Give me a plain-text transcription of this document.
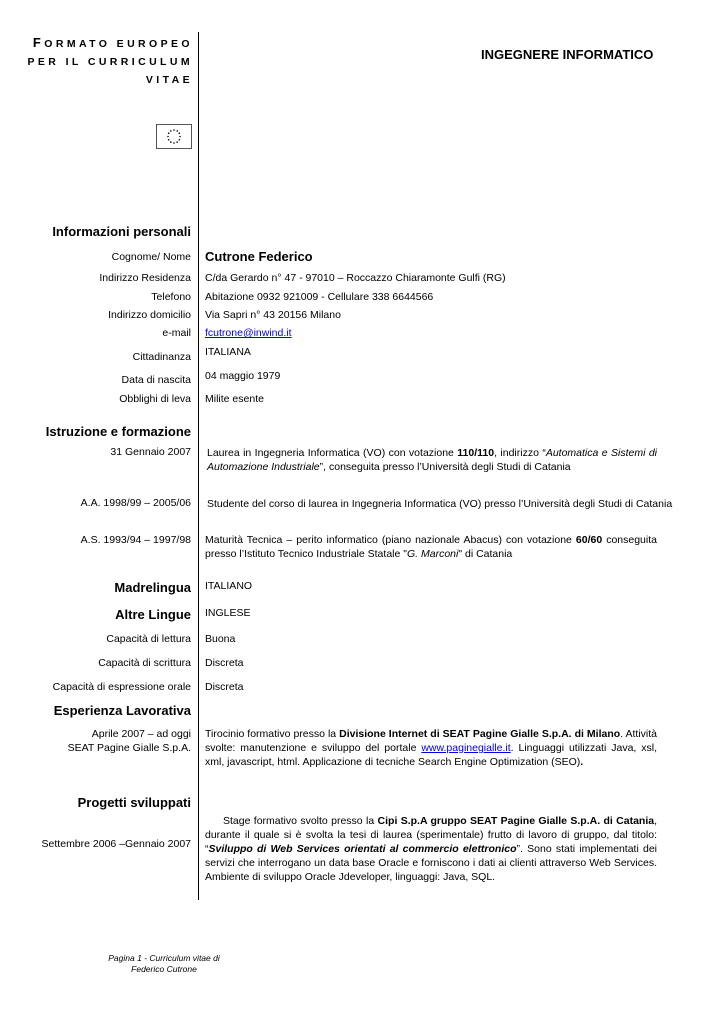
FORMATO EUROPEO
PER IL CURRICULUM
VITAE
INGEGNERE INFORMATICO
Informazioni personali
Cognome/ Nome Cutrone Federico
Indirizzo Residenza C/da Gerardo n° 47 - 97010 – Roccazzo Chiaramonte Gulfi (RG)
Telefono Abitazione 0932 921009 - Cellulare 338 6644566
Indirizzo domicilio Via Sapri n° 43 20156 Milano
e-mail fcutrone@inwind.it
Cittadinanza ITALIANA
Data di nascita 04 maggio 1979
Obblighi di leva Milite esente
Istruzione e formazione
31 Gennaio 2007 Laurea in Ingegneria Informatica (VO) con votazione 110/110, indirizzo “Automatica e Sistemi di Automazione Industriale”, conseguita presso l’Università degli Studi di Catania
A.A. 1998/99 – 2005/06 Studente del corso di laurea in Ingegneria Informatica (VO) presso l’Università degli Studi di Catania
A.S. 1993/94 – 1997/98 Maturità Tecnica – perito informatico (piano nazionale Abacus) con votazione 60/60 conseguita presso l’Istituto Tecnico Industriale Statale "G. Marconi" di Catania
Madrelingua ITALIANO
Altre Lingue INGLESE
Capacità di lettura Buona
Capacità di scrittura Discreta
Capacità di espressione orale Discreta
Esperienza Lavorativa
Aprile 2007 – ad oggi
SEAT Pagine Gialle S.p.A.
Tirocinio formativo presso la Divisione Internet di SEAT Pagine Gialle S.p.A. di Milano. Attività svolte: manutenzione e sviluppo del portale www.paginegialle.it. Linguaggi utilizzati Java, xsl, xml, javascript, html. Applicazione di tecniche Search Engine Optimization (SEO).
Progetti sviluppati
Settembre 2006 –Gennaio 2007
Stage formativo svolto presso la Cipi S.p.A gruppo SEAT Pagine Gialle S.p.A. di Catania, durante il quale si è svolta la tesi di laurea (sperimentale) frutto di lavoro di gruppo, dal titolo: “Sviluppo di Web Services orientati al commercio elettronico”. Sono stati implementati dei servizi che interrogano un data base Oracle e forniscono i dati ai clienti attraverso Web Services. Ambiente di sviluppo Oracle Jdeveloper, linguaggi: Java, SQL.
Pagina 1 - Curriculum vitae di
Federico Cutrone
